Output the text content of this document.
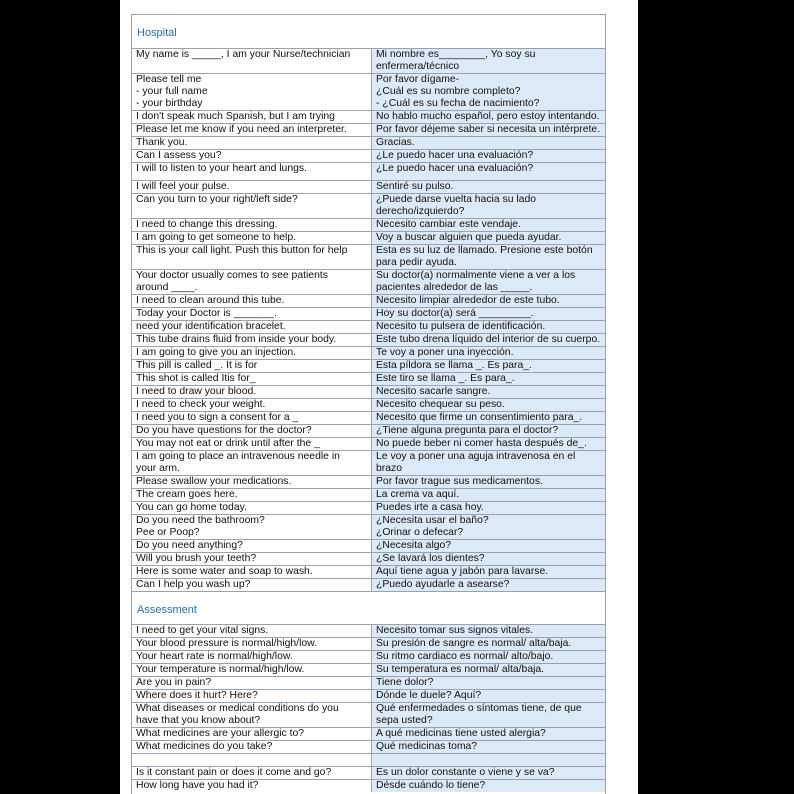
Hospital
My name is _____, I am your Nurse/technician	Mi nombre es________, Yo soy su
enfermera/técnico
Please tell me
- your full name
- your birthday	Por favor dígame-
¿Cuál es su nombre completo?
- ¿Cuál es su fecha de nacimiento?
I don't speak much Spanish, but I am trying	No hablo mucho español, pero estoy intentando.
Please let me know if you need an interpreter.	Por favor déjeme saber si necesita un intérprete.
Thank you.	Gracias.
Can I assess you?	¿Le puedo hacer una evaluación?
I will to listen to your heart and lungs.	¿Le puedo hacer una evaluación?
I will feel your pulse.	Sentiré su pulso.
Can you turn to your right/left side?	¿Puede darse vuelta hacia su lado
derecho/izquierdo?
I need to change this dressing.	Necesito cambiar este vendaje.
I am going to get someone to help.	Voy a buscar alguien que pueda ayudar.
This is your call light. Push this button for help	Esta es su luz de llamado. Presione este botón
para pedir ayuda.
Your doctor usually comes to see patients
around ____.	Su doctor(a) normalmente viene a ver a los
pacientes alrededor de las _____.
I need to clean around this tube.	Necesito limpiar alrededor de este tubo.
Today your Doctor is _______.	Hoy su doctor(a) será _________.
need your identification bracelet.	Necesito tu pulsera de identificación.
This tube drains fluid from inside your body.	Este tubo drena líquido del interior de su cuerpo.
I am going to give you an injection.	Te voy a poner una inyección.
This pill is called _. It is for	Esta píldora se llama _. Es para_.
This shot is called Itis for_	Este tiro se llama _. Es para_.
I need to draw your blood.	Necesito sacarle sangre.
I need to check your weight.	Necesito chequear su peso.
I need you to sign a consent for a _	Necesito que firme un consentimiento para_.
Do you have questions for the doctor?	¿Tiene alguna pregunta para el doctor?
You may not eat or drink until after the _	No puede beber ni comer hasta después de_.
I am going to place an intravenous needle in
your arm.	Le voy a poner una aguja intravenosa en el
brazo
Please swallow your medications.	Por favor trague sus medicamentos.
The cream goes here.	La crema va aquí.
You can go home today.	Puedes irte a casa hoy.
Do you need the bathroom?
Pee or Poop?	¿Necesita usar el baño?
¿Orinar o defecar?
Do you need anything?	¿Necesita algo?
Will you brush your teeth?	¿Se lavará los dientes?
Here is some water and soap to wash.	Aquí tiene agua y jabón para lavarse.
Can I help you wash up?	¿Puedo ayudarle a asearse?
Assessment
I need to get your vital signs.	Necesito tomar sus signos vitales.
Your blood pressure is normal/high/low.	Su presión de sangre es normal/ alta/baja.
Your heart rate is normal/high/low.	Su ritmo cardiaco es normal/ alto/bajo.
Your temperature is normal/high/low.	Su temperatura es normal/ alta/baja.
Are you in pain?	Tiene dolor?
Where does it hurt? Here?	Dónde le duele? Aquí?
What diseases or medical conditions do you
have that you know about?	Qué enfermedades o síntomas tiene, de que
sepa usted?
What medicines are your allergic to?	A qué medicinas tiene usted alergia?
What medicines do you take?	Qué medicinas toma?

Is it constant pain or does it come and go?	Es un dolor constante o viene y se va?
How long have you had it?	Désde cuándo lo tiene?
